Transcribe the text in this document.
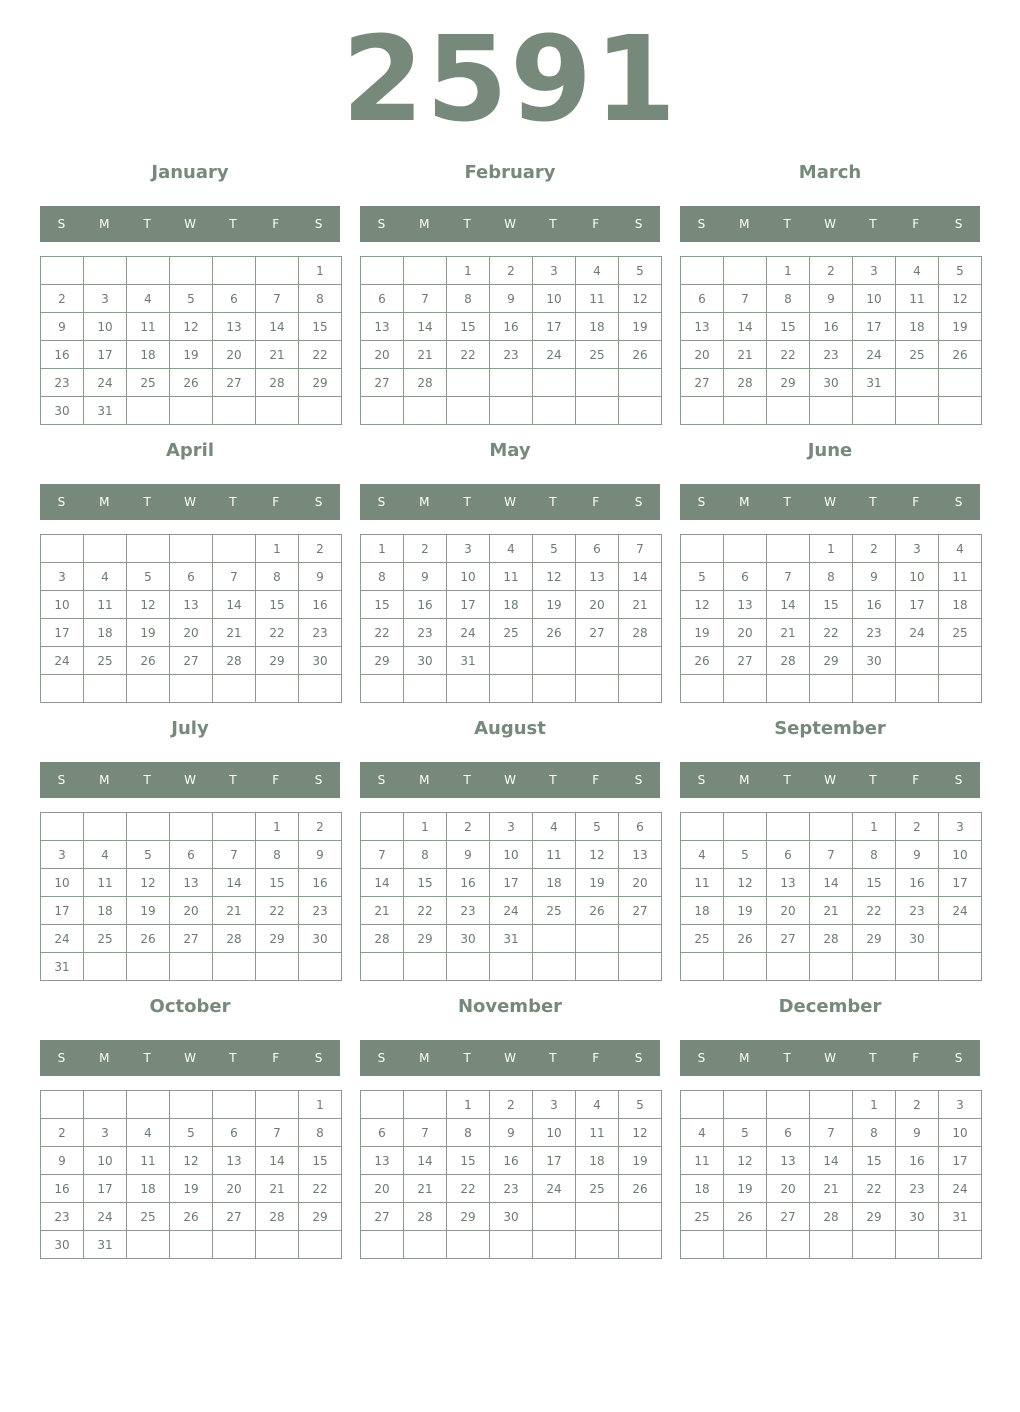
2591
January
S	M	T	W	T	F	S
						1
2	3	4	5	6	7	8
9	10	11	12	13	14	15
16	17	18	19	20	21	22
23	24	25	26	27	28	29
30	31					
February
S	M	T	W	T	F	S
		1	2	3	4	5
6	7	8	9	10	11	12
13	14	15	16	17	18	19
20	21	22	23	24	25	26
27	28					

March
S	M	T	W	T	F	S
		1	2	3	4	5
6	7	8	9	10	11	12
13	14	15	16	17	18	19
20	21	22	23	24	25	26
27	28	29	30	31		

April
S	M	T	W	T	F	S
					1	2
3	4	5	6	7	8	9
10	11	12	13	14	15	16
17	18	19	20	21	22	23
24	25	26	27	28	29	30

May
S	M	T	W	T	F	S
1	2	3	4	5	6	7
8	9	10	11	12	13	14
15	16	17	18	19	20	21
22	23	24	25	26	27	28
29	30	31				

June
S	M	T	W	T	F	S
			1	2	3	4
5	6	7	8	9	10	11
12	13	14	15	16	17	18
19	20	21	22	23	24	25
26	27	28	29	30		

July
S	M	T	W	T	F	S
					1	2
3	4	5	6	7	8	9
10	11	12	13	14	15	16
17	18	19	20	21	22	23
24	25	26	27	28	29	30
31						
August
S	M	T	W	T	F	S
	1	2	3	4	5	6
7	8	9	10	11	12	13
14	15	16	17	18	19	20
21	22	23	24	25	26	27
28	29	30	31			

September
S	M	T	W	T	F	S
				1	2	3
4	5	6	7	8	9	10
11	12	13	14	15	16	17
18	19	20	21	22	23	24
25	26	27	28	29	30	

October
S	M	T	W	T	F	S
						1
2	3	4	5	6	7	8
9	10	11	12	13	14	15
16	17	18	19	20	21	22
23	24	25	26	27	28	29
30	31					
November
S	M	T	W	T	F	S
		1	2	3	4	5
6	7	8	9	10	11	12
13	14	15	16	17	18	19
20	21	22	23	24	25	26
27	28	29	30			

December
S	M	T	W	T	F	S
				1	2	3
4	5	6	7	8	9	10
11	12	13	14	15	16	17
18	19	20	21	22	23	24
25	26	27	28	29	30	31
